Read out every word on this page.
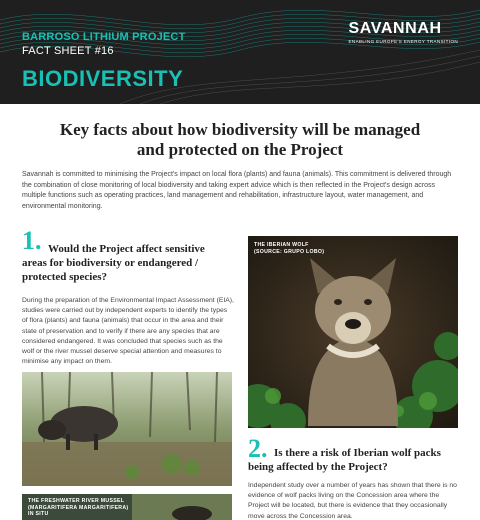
BARROSO LITHIUM PROJECT
FACT SHEET #16
BIODIVERSITY
SAVANNAH
ENABLING EUROPE'S ENERGY TRANSITION
Key facts about how biodiversity will be managed
and protected on the Project

Savannah is committed to minimising the Project's impact on local flora (plants) and fauna (animals). This commitment is delivered through the combination of close monitoring of local biodiversity and taking expert advice which is then reflected in the Project's design across multiple functions such as operating practices, land management and rehabilitation, infrastructure layout, water management, and environmental monitoring.

1. Would the Project affect sensitive areas for biodiversity or endangered / protected species?

During the preparation of the Environmental Impact Assessment (EIA), studies were carried out by independent experts to identify the types of flora (plants) and fauna (animals) that occur in the area and their state of preservation and to verify if there are any species that are considered endangered. It was concluded that species such as the wolf or the river mussel deserve special attention and measures to minimise any impact on them.

THE FRESHWATER RIVER MUSSEL
(MARGARITIFERA MARGARITIFERA)
IN SITU
THE IBERIAN WOLF
(SOURCE: GRUPO LOBO)
2. Is there a risk of Iberian wolf packs being affected by the Project?

Independent study over a number of years has shown that there is no evidence of wolf packs living on the Concession area where the Project will be located, but there is evidence that they occasionally move across the Concession area.
